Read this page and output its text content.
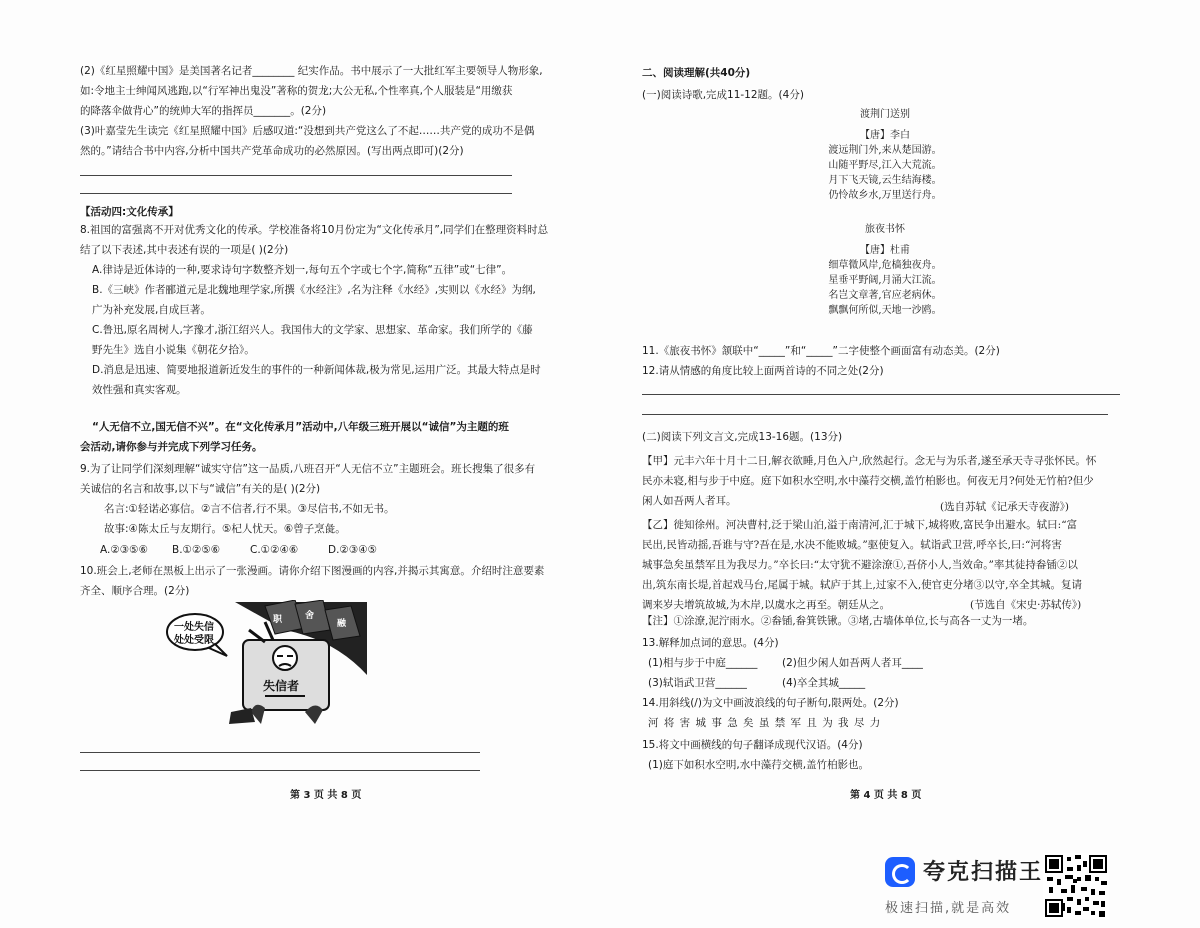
(2)《红星照耀中国》是美国著名记者________ 纪实作品。书中展示了一大批红军主要领导人物形象,
如:令地主士绅闻风逃跑,以“行军神出鬼没”著称的贺龙;大公无私,个性率真,个人服装是“用缴获
的降落伞做背心”的统帅大军的指挥员_______。(2分)
(3)叶嘉莹先生读完《红星照耀中国》后感叹道:“没想到共产党这么了不起……共产党的成功不是偶
然的。”请结合书中内容,分析中国共产党革命成功的必然原因。(写出两点即可)(2分)
【活动四:文化传承】
8.祖国的富强离不开对优秀文化的传承。学校准备将10月份定为“文化传承月”,同学们在整理资料时总
结了以下表述,其中表述有误的一项是( )(2分)
A.律诗是近体诗的一种,要求诗句字数整齐划一,每句五个字或七个字,简称“五律”或“七律”。
B.《三峡》作者郦道元是北魏地理学家,所撰《水经注》,名为注释《水经》,实则以《水经》为纲,
广为补充发展,自成巨著。
C.鲁迅,原名周树人,字豫才,浙江绍兴人。我国伟大的文学家、思想家、革命家。我们所学的《藤
野先生》选自小说集《朝花夕拾》。
D.消息是迅速、简要地报道新近发生的事件的一种新闻体裁,极为常见,运用广泛。其最大特点是时
效性强和真实客观。
“人无信不立,国无信不兴”。在“文化传承月”活动中,八年级三班开展以“诚信”为主题的班
会活动,请你参与并完成下列学习任务。
9.为了让同学们深刻理解“诚实守信”这一品质,八班召开“人无信不立”主题班会。班长搜集了很多有
关诚信的名言和故事,以下与“诚信”有关的是( )(2分)
名言:①轻诺必寡信。②言不信者,行不果。③尽信书,不如无书。
故事:④陈太丘与友期行。⑤杞人忧天。⑥曾子烹彘。
A.②③⑤⑥ B.①②⑤⑥	C.①②④⑥	D.②③④⑤
10.班会上,老师在黑板上出示了一张漫画。请你介绍下图漫画的内容,并揭示其寓意。介绍时注意要素
齐全、顺序合理。(2分)
职	舍
融
一处失信
处处受限
失信者
第 3 页 共 8 页
二、阅读理解(共40分)
(一)阅读诗歌,完成11-12题。(4分)
渡荆门送别
【唐】李白
渡远荆门外,来从楚国游。
山随平野尽,江入大荒流。
月下飞天镜,云生结海楼。
仍怜故乡水,万里送行舟。
旅夜书怀
【唐】杜甫
细草微风岸,危樯独夜舟。
星垂平野阔,月涌大江流。
名岂文章著,官应老病休。
飘飘何所似,天地一沙鸥。
11.《旅夜书怀》颔联中“_____”和“_____”二字使整个画面富有动态美。(2分)
12.请从情感的角度比较上面两首诗的不同之处(2分)
(二)阅读下列文言文,完成13-16题。(13分)
【甲】元丰六年十月十二日,解衣欲睡,月色入户,欣然起行。念无与为乐者,遂至承天寺寻张怀民。怀
民亦未寝,相与步于中庭。庭下如积水空明,水中藻荇交横,盖竹柏影也。何夜无月?何处无竹柏?但少
闲人如吾两人者耳。	(选自苏轼《记承天寺夜游》)
【乙】徙知徐州。河决曹村,泛于梁山泊,溢于南清河,汇于城下,城将败,富民争出避水。轼曰:“富
民出,民皆动摇,吾谁与守?吾在是,水决不能败城。”驱使复入。轼诣武卫营,呼卒长,曰:“河将害
城事急矣虽禁军且为我尽力。”卒长曰:“太守犹不避涂潦①,吾侪小人,当效命。”率其徒持畚锸②以
出,筑东南长堤,首起戏马台,尾属于城。轼庐于其上,过家不入,使官吏分堵③以守,卒全其城。复请
调来岁夫增筑故城,为木岸,以虞水之再至。朝廷从之。	(节选自《宋史·苏轼传》)
【注】①涂潦,泥泞雨水。②畚锸,畚箕铁锹。③堵,古墙体单位,长与高各一丈为一堵。
13.解释加点词的意思。(4分)
(1)相与步于中庭______ (2)但少闲人如吾两人者耳____
(3)轼诣武卫营______	(4)卒全其城_____
14.用斜线(/)为文中画波浪线的句子断句,限两处。(2分)
河 将 害 城 事 急 矣 虽 禁 军 且 为 我 尽 力
15.将文中画横线的句子翻译成现代汉语。(4分)
(1)庭下如积水空明,水中藻荇交横,盖竹柏影也。
第 4 页 共 8 页
夸克扫描王
极速扫描,就是高效
